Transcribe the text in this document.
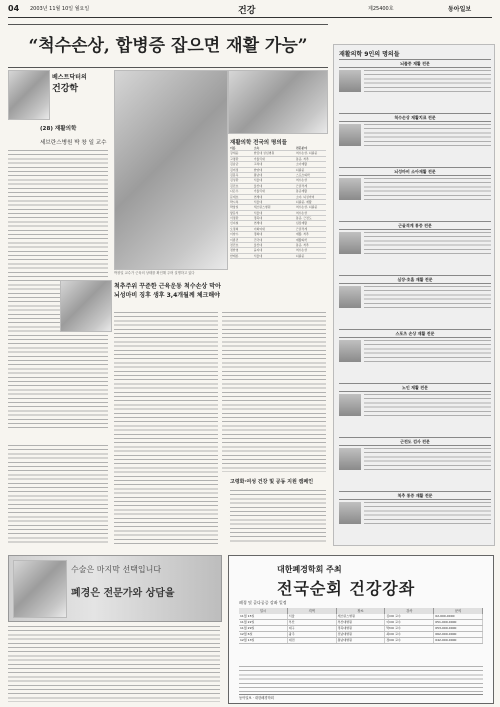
04 2003년 11월 10일 월요일	건강	제25400호	동아일보
“척수손상, 합병증 잡으면 재활 가능”
베스트닥터의
건강학
(28) 재활의학
세브란스병원 박 창 일 교수
박창일 교수가 근육의 상태를 확인해 주며 설명하고 있다
척추주위 꾸준한 근육운동 척수손상 막아
뇌성마비 징후 생후 3,4개월께 체크해야
재활의학 전국의 명의들
이름	소속	전문분야
강세윤	한림대 성심병원	척수손상, 뇌졸중
고명환	가톨릭대	통증, 척추
김남균	고려대	소아재활
김미정	한양대	뇌졸중
김봉옥	충남대	스포츠의학
김성환	서울대	척수손상
김진호	울산대	근골격계
나은우	가톨릭대	통증재활
문재호	연세대	소아, 뇌성마비
박시복	서울대	뇌졸중, 재활
박창일	세브란스병원	척수손상, 뇌졸중
방문석	서울대	척수손상
서정환	경북대	통증, 근전도
신지철	연세대	심장재활
오정희	이화여대	근골격계
이양수	경희대	재활, 척추
이종민	건국대	재활의학
전민호	울산대	통증, 척추
정한영	을지대	척수손상
한태륜	서울대	뇌졸중
고령화·여성 건강 및 공동 지원 캠페인
재활의학 9인의 명의들
뇌졸중 재활 전문
척수손상 재활치료 전문
뇌성마비 소아재활 전문
근골격계 통증 전문
심장·호흡 재활 전문
스포츠 손상 재활 전문
노인 재활 전문
근전도 검사 전문
척추 통증 재활 전문
수술은 마지막 선택입니다
폐경은 전문가와 상담을
대한폐경학회 주최
전국순회 건강강좌
폐경 및 골다공증 강좌 일정
일시	지역	장소	강사	문의
11월 15일	서울	세브란스병원	김OO 교수	02-000-0000
11월 22일	부산	부산대병원	이OO 교수	051-000-0000
11월 29일	대구	경북대병원	박OO 교수	053-000-0000
12월 6일	광주	전남대병원	최OO 교수	062-000-0000
12월 13일	대전	충남대병원	정OO 교수	042-000-0000
동아일보 · 대한폐경학회
